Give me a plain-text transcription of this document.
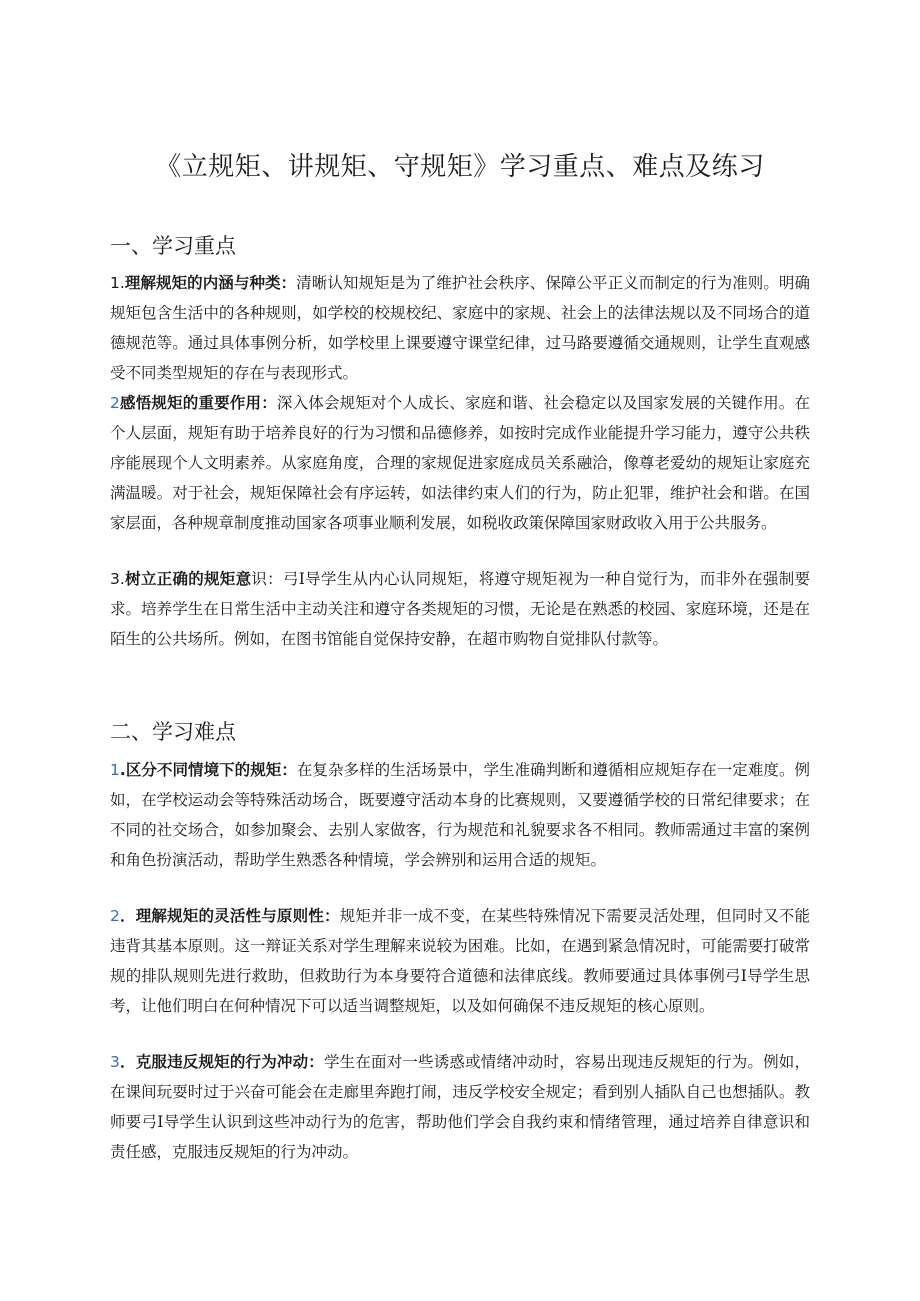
《立规矩、讲规矩、守规矩》学习重点、难点及练习
一、学习重点

1.理解规矩的内涵与种类：清晰认知规矩是为了维护社会秩序、保障公平正义而制定的行为准则。明确规矩包含生活中的各种规则，如学校的校规校纪、家庭中的家规、社会上的法律法规以及不同场合的道德规范等。通过具体事例分析，如学校里上课要遵守课堂纪律，过马路要遵循交通规则，让学生直观感受不同类型规矩的存在与表现形式。

2感悟规矩的重要作用：深入体会规矩对个人成长、家庭和谐、社会稳定以及国家发展的关键作用。在个人层面，规矩有助于培养良好的行为习惯和品德修养，如按时完成作业能提升学习能力，遵守公共秩序能展现个人文明素养。从家庭角度，合理的家规促进家庭成员关系融洽，像尊老爱幼的规矩让家庭充满温暖。对于社会，规矩保障社会有序运转，如法律约束人们的行为，防止犯罪，维护社会和谐。在国家层面，各种规章制度推动国家各项事业顺利发展，如税收政策保障国家财政收入用于公共服务。

3.树立正确的规矩意识：弓I导学生从内心认同规矩，将遵守规矩视为一种自觉行为，而非外在强制要求。培养学生在日常生活中主动关注和遵守各类规矩的习惯，无论是在熟悉的校园、家庭环境，还是在陌生的公共场所。例如，在图书馆能自觉保持安静，在超市购物自觉排队付款等。

二、学习难点

1.区分不同情境下的规矩：在复杂多样的生活场景中，学生准确判断和遵循相应规矩存在一定难度。例如，在学校运动会等特殊活动场合，既要遵守活动本身的比赛规则，又要遵循学校的日常纪律要求；在不同的社交场合，如参加聚会、去别人家做客，行为规范和礼貌要求各不相同。教师需通过丰富的案例和角色扮演活动，帮助学生熟悉各种情境，学会辨别和运用合适的规矩。

2．理解规矩的灵活性与原则性：规矩并非一成不变，在某些特殊情况下需要灵活处理，但同时又不能违背其基本原则。这一辩证关系对学生理解来说较为困难。比如，在遇到紧急情况时，可能需要打破常规的排队规则先进行救助，但救助行为本身要符合道德和法律底线。教师要通过具体事例弓I导学生思考，让他们明白在何种情况下可以适当调整规矩，以及如何确保不违反规矩的核心原则。

3．克服违反规矩的行为冲动：学生在面对一些诱惑或情绪冲动时，容易出现违反规矩的行为。例如，在课间玩耍时过于兴奋可能会在走廊里奔跑打闹，违反学校安全规定；看到别人插队自己也想插队。教师要弓I导学生认识到这些冲动行为的危害，帮助他们学会自我约束和情绪管理，通过培养自律意识和责任感，克服违反规矩的行为冲动。
